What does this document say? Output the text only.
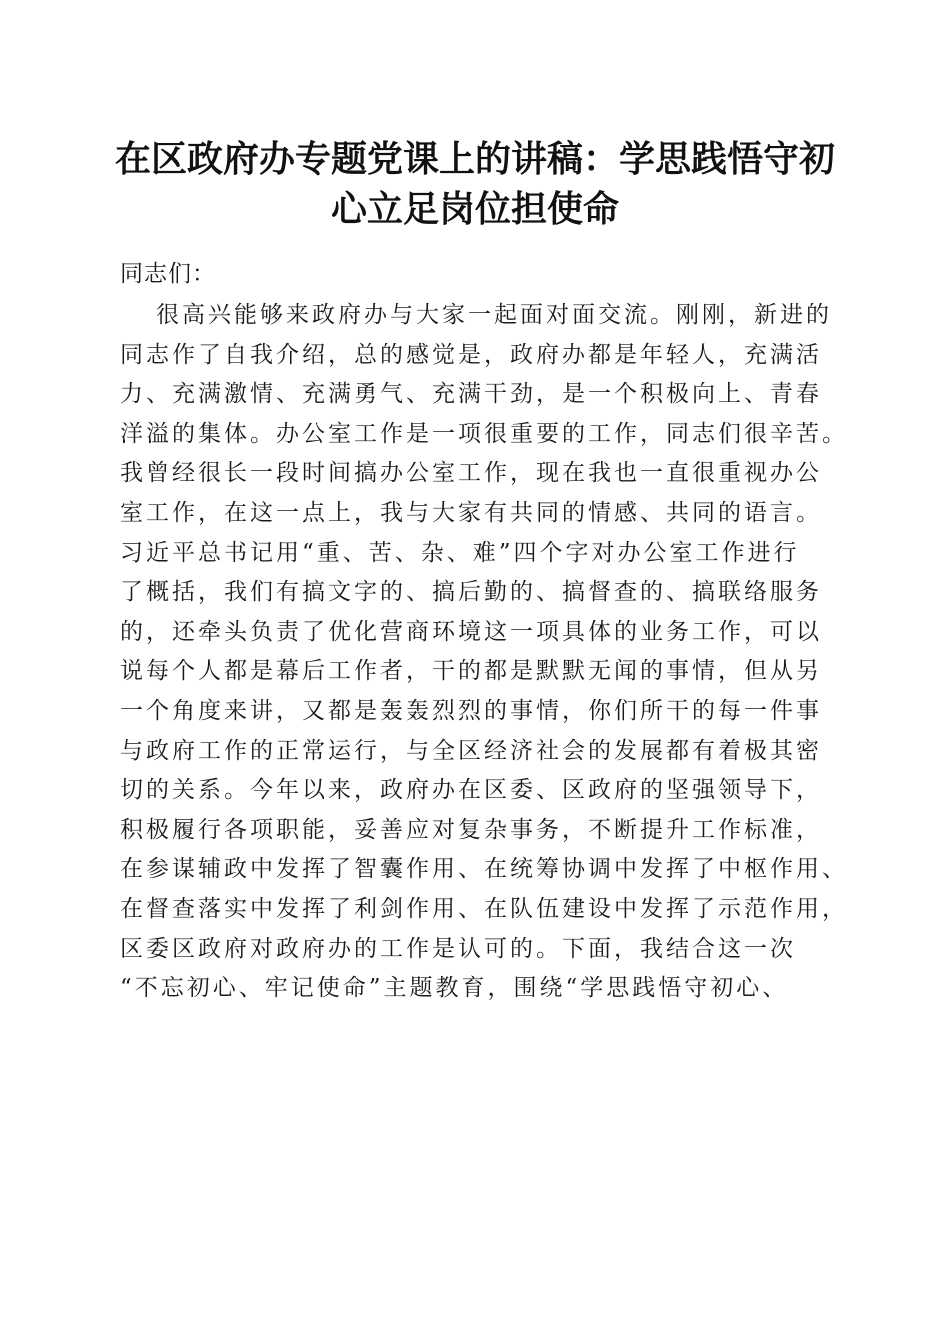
在区政府办专题党课上的讲稿：学思践悟守初
心立足岗位担使命
同志们：
很高兴能够来政府办与大家一起面对面交流。刚刚，新进的
同志作了自我介绍，总的感觉是，政府办都是年轻人，充满活
力、充满激情、充满勇气、充满干劲，是一个积极向上、青春
洋溢的集体。办公室工作是一项很重要的工作，同志们很辛苦。
我曾经很长一段时间搞办公室工作，现在我也一直很重视办公
室工作，在这一点上，我与大家有共同的情感、共同的语言。
习近平总书记用“重、苦、杂、难”四个字对办公室工作进行
了概括，我们有搞文字的、搞后勤的、搞督查的、搞联络服务
的，还牵头负责了优化营商环境这一项具体的业务工作，可以
说每个人都是幕后工作者，干的都是默默无闻的事情，但从另
一个角度来讲，又都是轰轰烈烈的事情，你们所干的每一件事
与政府工作的正常运行，与全区经济社会的发展都有着极其密
切的关系。今年以来，政府办在区委、区政府的坚强领导下，
积极履行各项职能，妥善应对复杂事务，不断提升工作标准，
在参谋辅政中发挥了智囊作用、在统筹协调中发挥了中枢作用、
在督查落实中发挥了利剑作用、在队伍建设中发挥了示范作用，
区委区政府对政府办的工作是认可的。下面，我结合这一次
“不忘初心、牢记使命”主题教育，围绕“学思践悟守初心、
